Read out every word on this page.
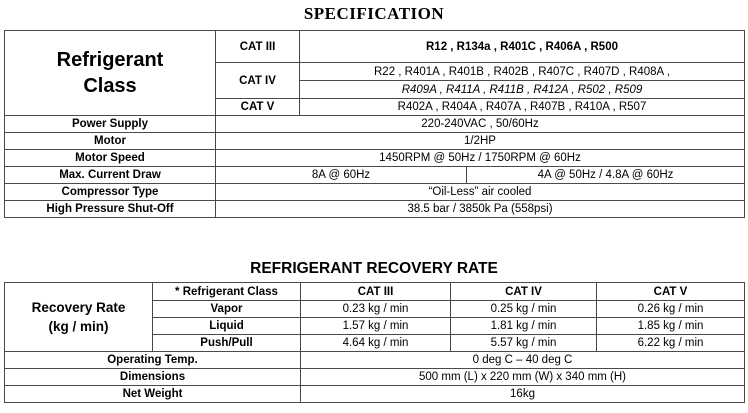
SPECIFICATION
Refrigerant
Class	CAT III	R12 , R134a , R401C , R406A , R500	
	CAT IV	R22 , R401A , R401B , R402B , R407C , R407D , R408A ,	
		R409A , R411A , R411B , R412A , R502 , R509	
	CAT V	R402A , R404A , R407A , R407B , R410A , R507	
Power Supply	220-240VAC , 50/60Hz		
Motor	1/2HP		
Motor Speed	1450RPM @ 50Hz / 1750RPM @ 60Hz		
Max. Current Draw	8A @ 60Hz		4A @ 50Hz / 4.8A @ 60Hz
Compressor Type	“Oil-Less” air cooled		
High Pressure Shut-Off	38.5 bar / 3850k Pa (558psi)		
REFRIGERANT RECOVERY RATE
Recovery Rate
(kg / min)	* Refrigerant Class	CAT III	CAT IV	CAT V
	Vapor	0.23 kg / min	0.25 kg / min	0.26 kg / min
	Liquid	1.57 kg / min	1.81 kg / min	1.85 kg / min
	Push/Pull	4.64 kg / min	5.57 kg / min	6.22 kg / min
Operating Temp.		0 deg C – 40 deg C		
Dimensions		500 mm (L) x 220 mm (W) x 340 mm (H)		
Net Weight		16kg		
